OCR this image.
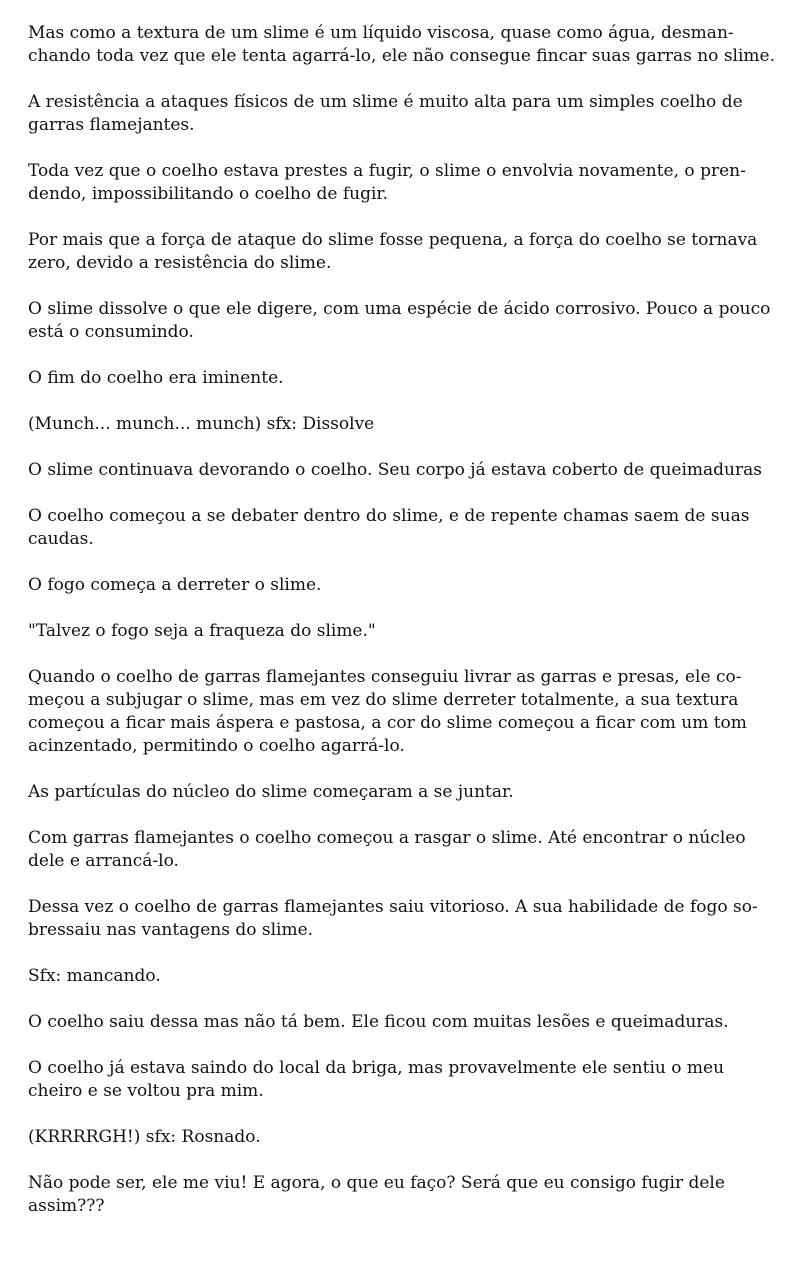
Mas como a textura de um slime é um líquido viscosa, quase como água, desman-chando toda vez que ele tenta agarrá-lo, ele não consegue fincar suas garras no slime.

A resistência a ataques físicos de um slime é muito alta para um simples coelho de garras flamejantes.

Toda vez que o coelho estava prestes a fugir, o slime o envolvia novamente, o pren-dendo, impossibilitando o coelho de fugir.

Por mais que a força de ataque do slime fosse pequena, a força do coelho se tornava zero, devido a resistência do slime.

O slime dissolve o que ele digere, com uma espécie de ácido corrosivo. Pouco a pouco está o consumindo.

O fim do coelho era iminente.

(Munch... munch... munch) sfx: Dissolve

O slime continuava devorando o coelho. Seu corpo já estava coberto de queimaduras

O coelho começou a se debater dentro do slime, e de repente chamas saem de suas caudas.

O fogo começa a derreter o slime.

"Talvez o fogo seja a fraqueza do slime."

Quando o coelho de garras flamejantes conseguiu livrar as garras e presas, ele co-meçou a subjugar o slime, mas em vez do slime derreter totalmente, a sua textura começou a ficar mais áspera e pastosa, a cor do slime começou a ficar com um tom acinzentado, permitindo o coelho agarrá-lo.

As partículas do núcleo do slime começaram a se juntar.

Com garras flamejantes o coelho começou a rasgar o slime. Até encontrar o núcleo dele e arrancá-lo.

Dessa vez o coelho de garras flamejantes saiu vitorioso. A sua habilidade de fogo so-bressaiu nas vantagens do slime.

Sfx: mancando.

O coelho saiu dessa mas não tá bem. Ele ficou com muitas lesões e queimaduras.

O coelho já estava saindo do local da briga, mas provavelmente ele sentiu o meu cheiro e se voltou pra mim.

(KRRRRGH!) sfx: Rosnado.

Não pode ser, ele me viu! E agora, o que eu faço? Será que eu consigo fugir dele assim???
